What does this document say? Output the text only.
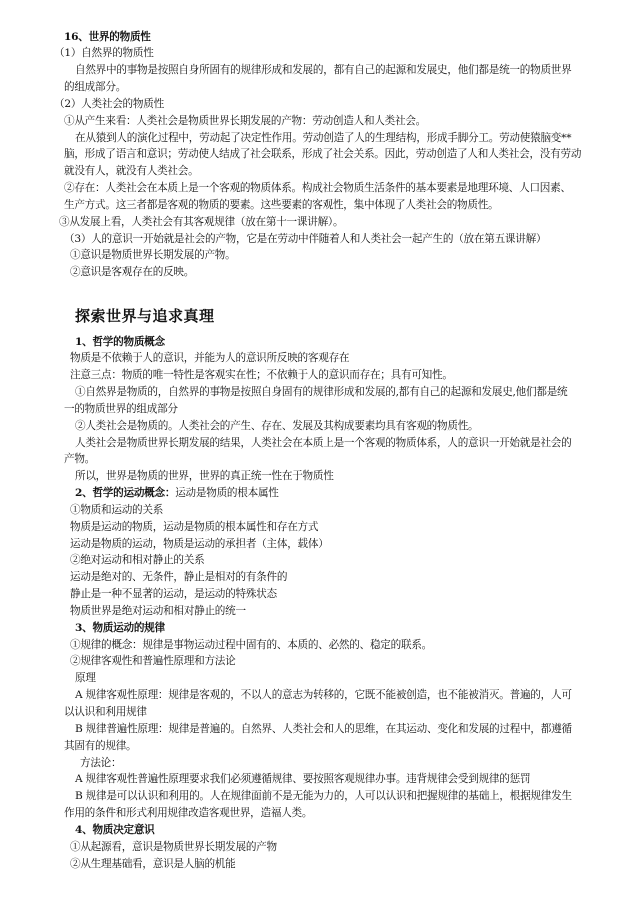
16、世界的物质性
（1）自然界的物质性
自然界中的事物是按照自身所固有的规律形成和发展的，都有自己的起源和发展史，他们都是统一的物质世界
的组成部分。
（2）人类社会的物质性
①从产生来看：人类社会是物质世界长期发展的产物：劳动创造人和人类社会。
在从猿到人的演化过程中，劳动起了决定性作用。劳动创造了人的生理结构，形成手脚分工。劳动使猿脑变**
脑，形成了语言和意识；劳动使人结成了社会联系，形成了社会关系。因此，劳动创造了人和人类社会，没有劳动
就没有人，就没有人类社会。
②存在：人类社会在本质上是一个客观的物质体系。构成社会物质生活条件的基本要素是地理环境、人口因素、
生产方式。这三者都是客观的物质的要素。这些要素的客观性，集中体现了人类社会的物质性。
③从发展上看，人类社会有其客观规律（放在第十一课讲解）。
（3）人的意识一开始就是社会的产物，它是在劳动中伴随着人和人类社会一起产生的（放在第五课讲解）
①意识是物质世界长期发展的产物。
②意识是客观存在的反映。
探索世界与追求真理
1、哲学的物质概念
物质是不依赖于人的意识，并能为人的意识所反映的客观存在
注意三点：物质的唯一特性是客观实在性；不依赖于人的意识而存在；具有可知性。
①自然界是物质的，自然界的事物是按照自身固有的规律形成和发展的,都有自己的起源和发展史,他们都是统
一的物质世界的组成部分
②人类社会是物质的。人类社会的产生、存在、发展及其构成要素均具有客观的物质性。
人类社会是物质世界长期发展的结果，人类社会在本质上是一个客观的物质体系，人的意识一开始就是社会的
产物。
所以，世界是物质的世界，世界的真正统一性在于物质性
2、哲学的运动概念：运动是物质的根本属性
①物质和运动的关系
物质是运动的物质，运动是物质的根本属性和存在方式
运动是物质的运动，物质是运动的承担者（主体，载体）
②绝对运动和相对静止的关系
运动是绝对的、无条件，静止是相对的有条件的
静止是一种不显著的运动，是运动的特殊状态
物质世界是绝对运动和相对静止的统一
3、物质运动的规律
①规律的概念：规律是事物运动过程中固有的、本质的、必然的、稳定的联系。
②规律客观性和普遍性原理和方法论
原理
A 规律客观性原理：规律是客观的，不以人的意志为转移的，它既不能被创造，也不能被消灭。普遍的，人可
以认识和利用规律
B 规律普遍性原理：规律是普遍的。自然界、人类社会和人的思维，在其运动、变化和发展的过程中，都遵循
其固有的规律。
方法论：
A 规律客观性普遍性原理要求我们必须遵循规律、要按照客观规律办事。违背规律会受到规律的惩罚
B 规律是可以认识和利用的。人在规律面前不是无能为力的，人可以认识和把握规律的基础上，根据规律发生
作用的条件和形式利用规律改造客观世界，造福人类。
4、物质决定意识
①从起源看，意识是物质世界长期发展的产物
②从生理基础看，意识是人脑的机能
